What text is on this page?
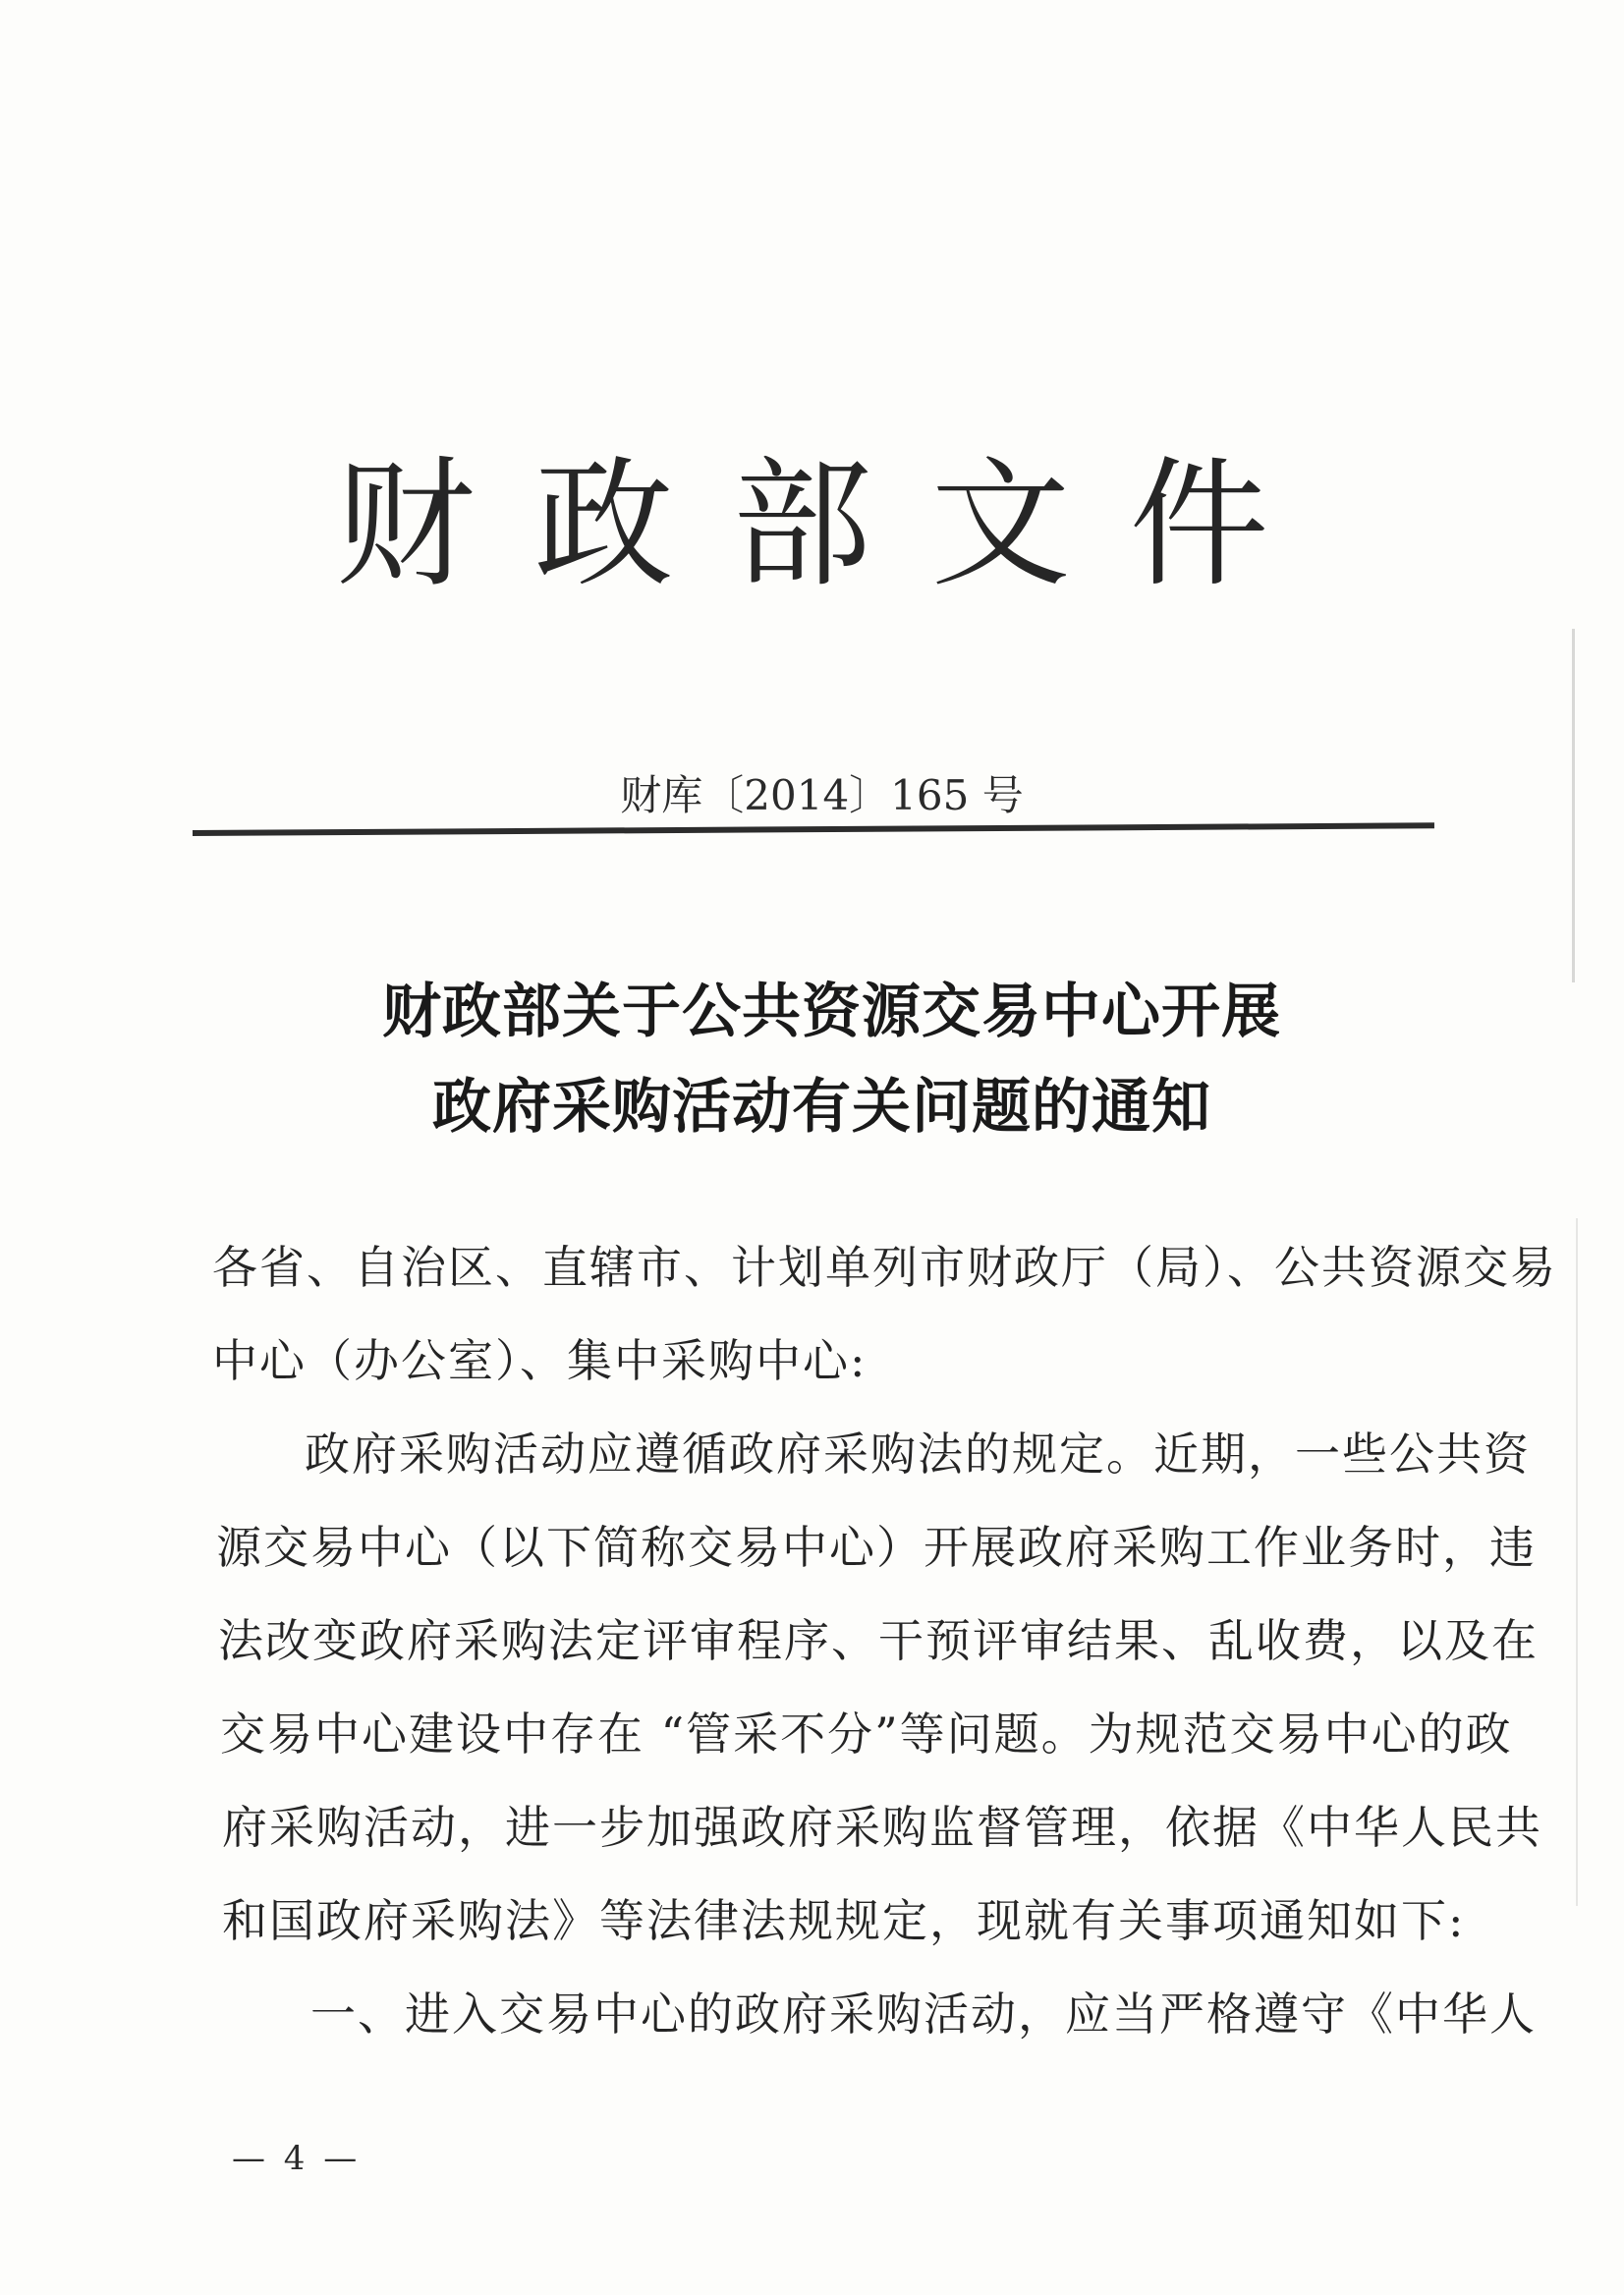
财政部文件
财库〔2014〕165 号
财政部关于公共资源交易中心开展
政府采购活动有关问题的通知
各省、自治区、直辖市、计划单列市财政厅（局）、公共资源交易
中心（办公室）、集中采购中心:
政府采购活动应遵循政府采购法的规定。近期，一些公共资
源交易中心（以下简称交易中心）开展政府采购工作业务时，违
法改变政府采购法定评审程序、干预评审结果、乱收费，以及在
交易中心建设中存在 “管采不分”等问题。为规范交易中心的政
府采购活动，进一步加强政府采购监督管理，依据《中华人民共
和国政府采购法》等法律法规规定，现就有关事项通知如下:
一、进入交易中心的政府采购活动，应当严格遵守《中华人
— 4 —
